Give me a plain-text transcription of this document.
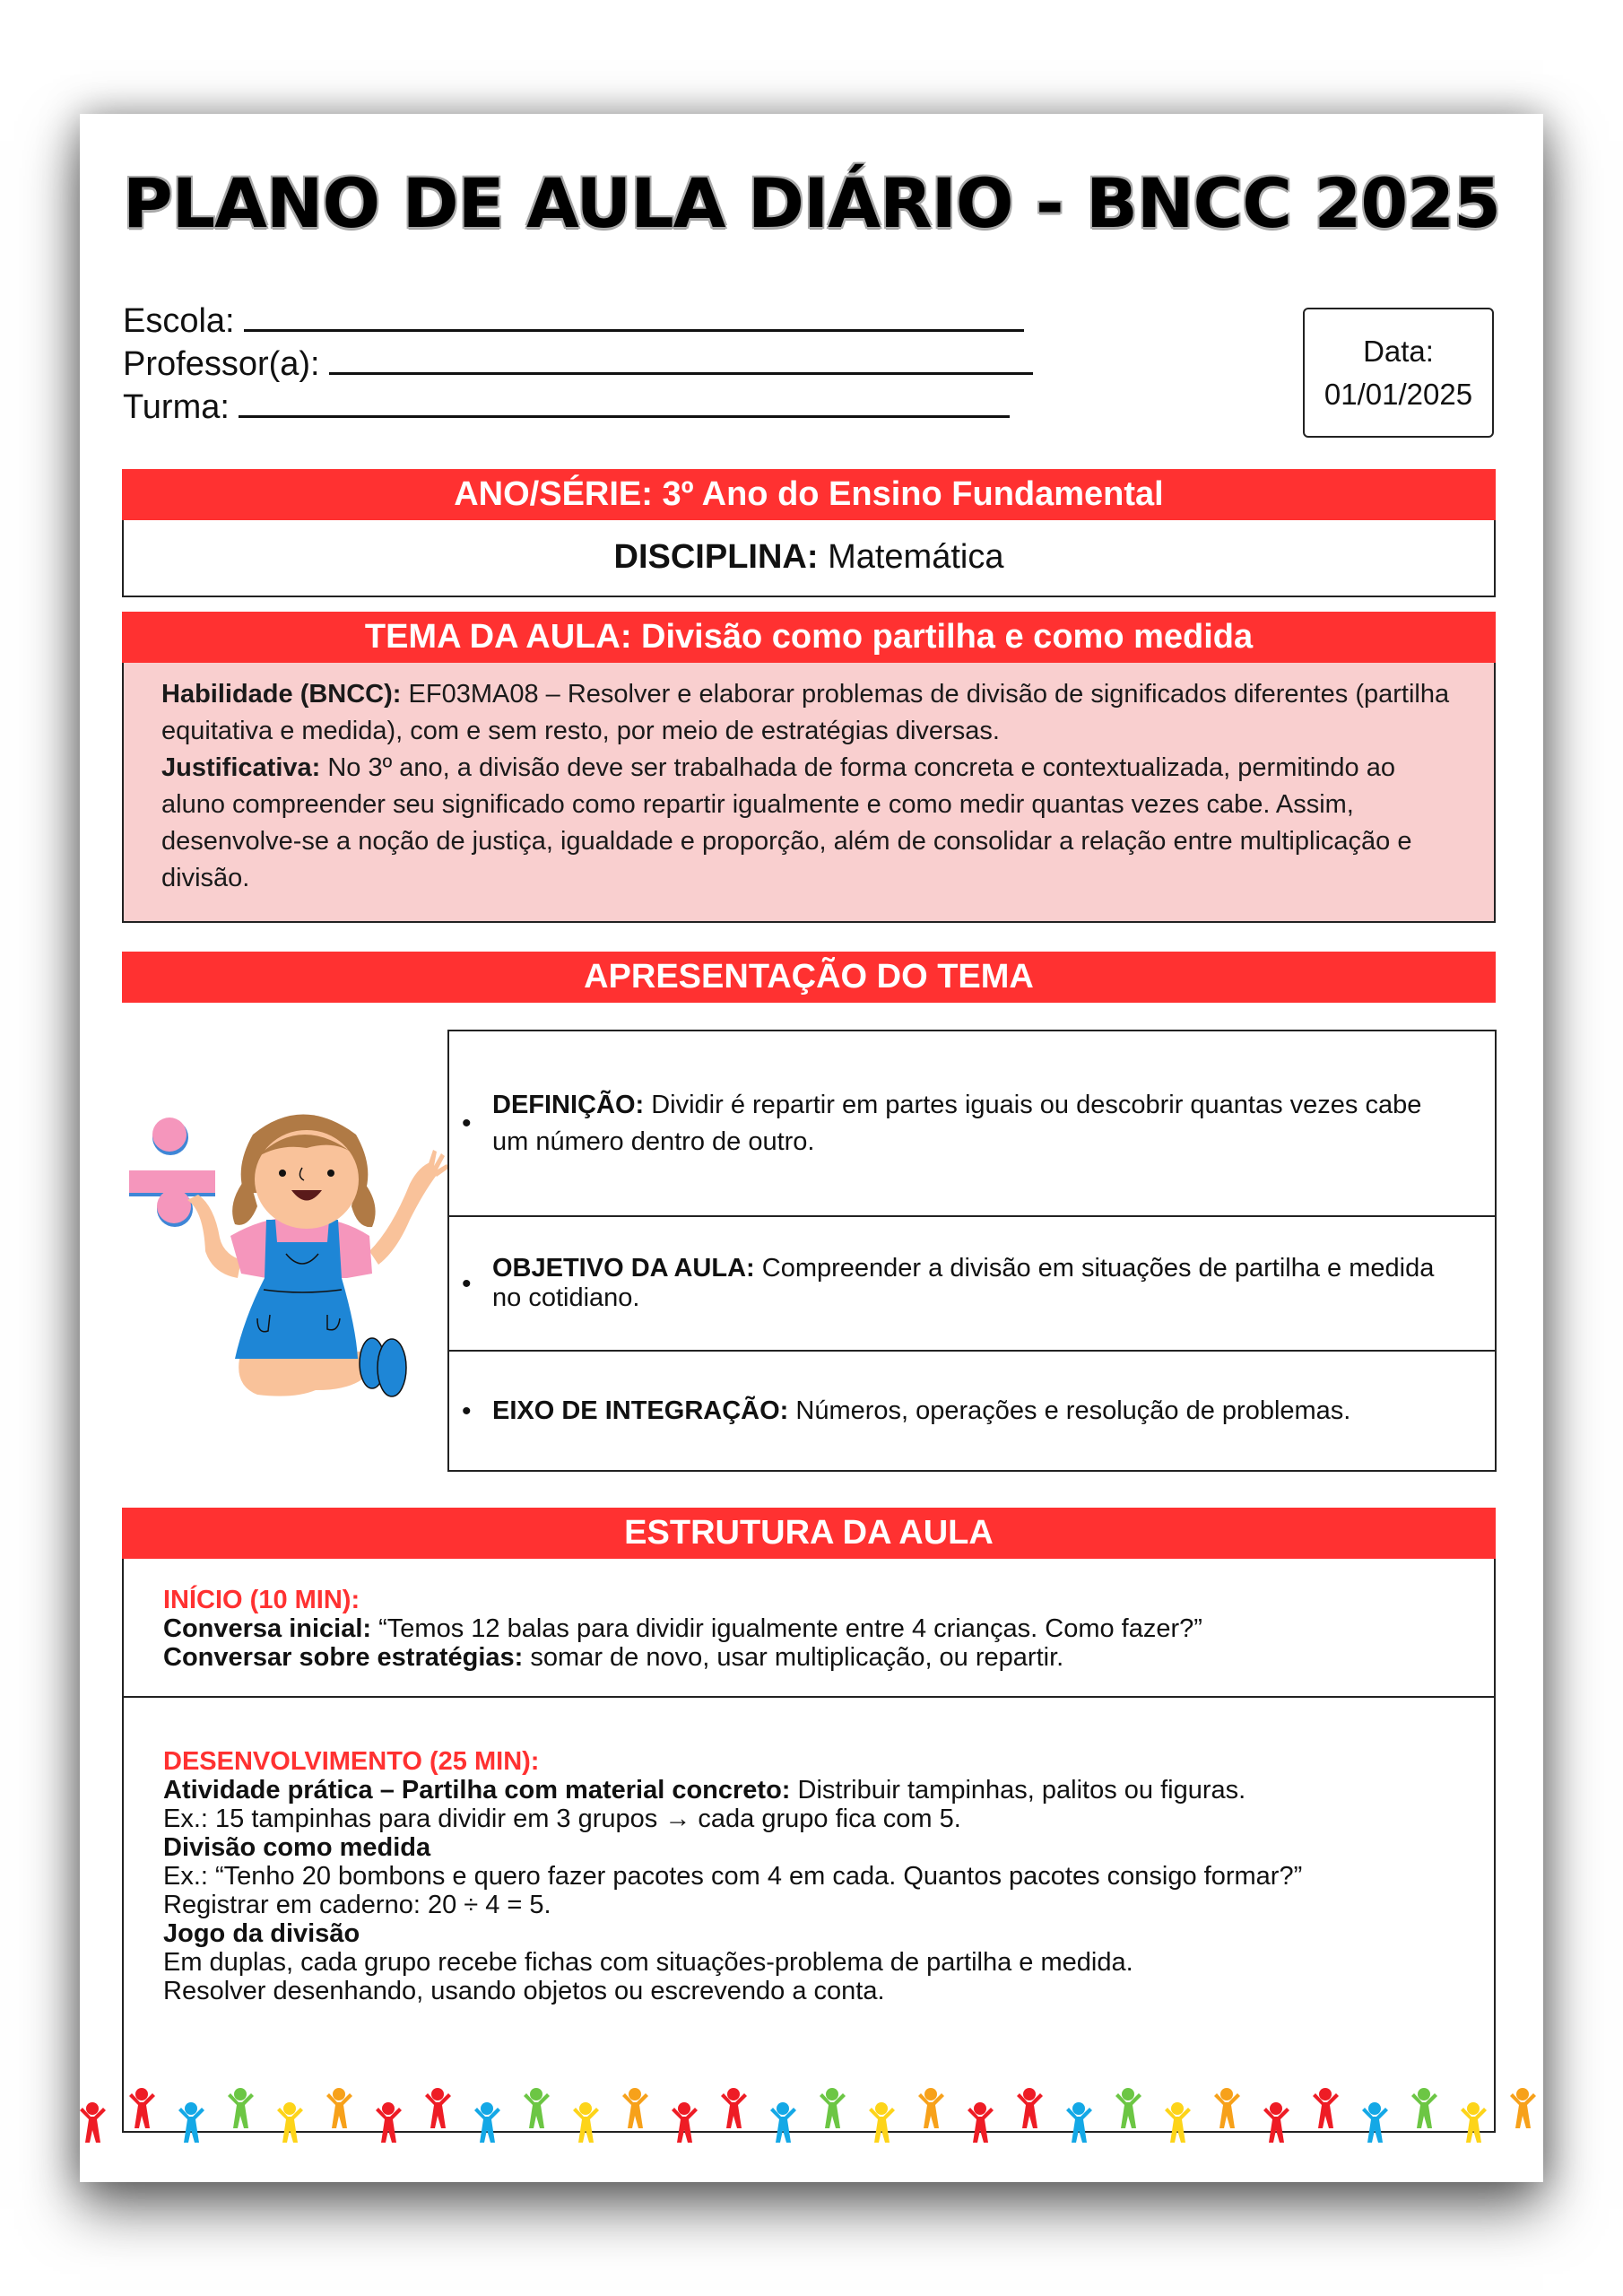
PLANO DE AULA DIÁRIO - BNCC 2025
Escola:
Professor(a):
Turma:
Data:
01/01/2025
ANO/SÉRIE: 3º Ano do Ensino Fundamental
DISCIPLINA: Matemática
TEMA DA AULA: Divisão como partilha e como medida
Habilidade (BNCC): EF03MA08 – Resolver e elaborar problemas de divisão de significados diferentes (partilha equitativa e medida), com e sem resto, por meio de estratégias diversas.
Justificativa: No 3º ano, a divisão deve ser trabalhada de forma concreta e contextualizada, permitindo ao aluno compreender seu significado como repartir igualmente e como medir quantas vezes cabe. Assim, desenvolve-se a noção de justiça, igualdade e proporção, além de consolidar a relação entre multiplicação e divisão.
APRESENTAÇÃO DO TEMA
•
DEFINIÇÃO: Dividir é repartir em partes iguais ou descobrir quantas vezes cabe um número dentro de outro.
•
OBJETIVO DA AULA: Compreender a divisão em situações de partilha e medida no cotidiano.
• EIXO DE INTEGRAÇÃO: Números, operações e resolução de problemas.
ESTRUTURA DA AULA
INÍCIO (10 MIN):
Conversa inicial: “Temos 12 balas para dividir igualmente entre 4 crianças. Como fazer?”
Conversar sobre estratégias: somar de novo, usar multiplicação, ou repartir.
DESENVOLVIMENTO (25 MIN):
Atividade prática – Partilha com material concreto: Distribuir tampinhas, palitos ou figuras.
Ex.: 15 tampinhas para dividir em 3 grupos → cada grupo fica com 5.
Divisão como medida
Ex.: “Tenho 20 bombons e quero fazer pacotes com 4 em cada. Quantos pacotes consigo formar?”
Registrar em caderno: 20 ÷ 4 = 5.
Jogo da divisão
Em duplas, cada grupo recebe fichas com situações-problema de partilha e medida.
Resolver desenhando, usando objetos ou escrevendo a conta.
